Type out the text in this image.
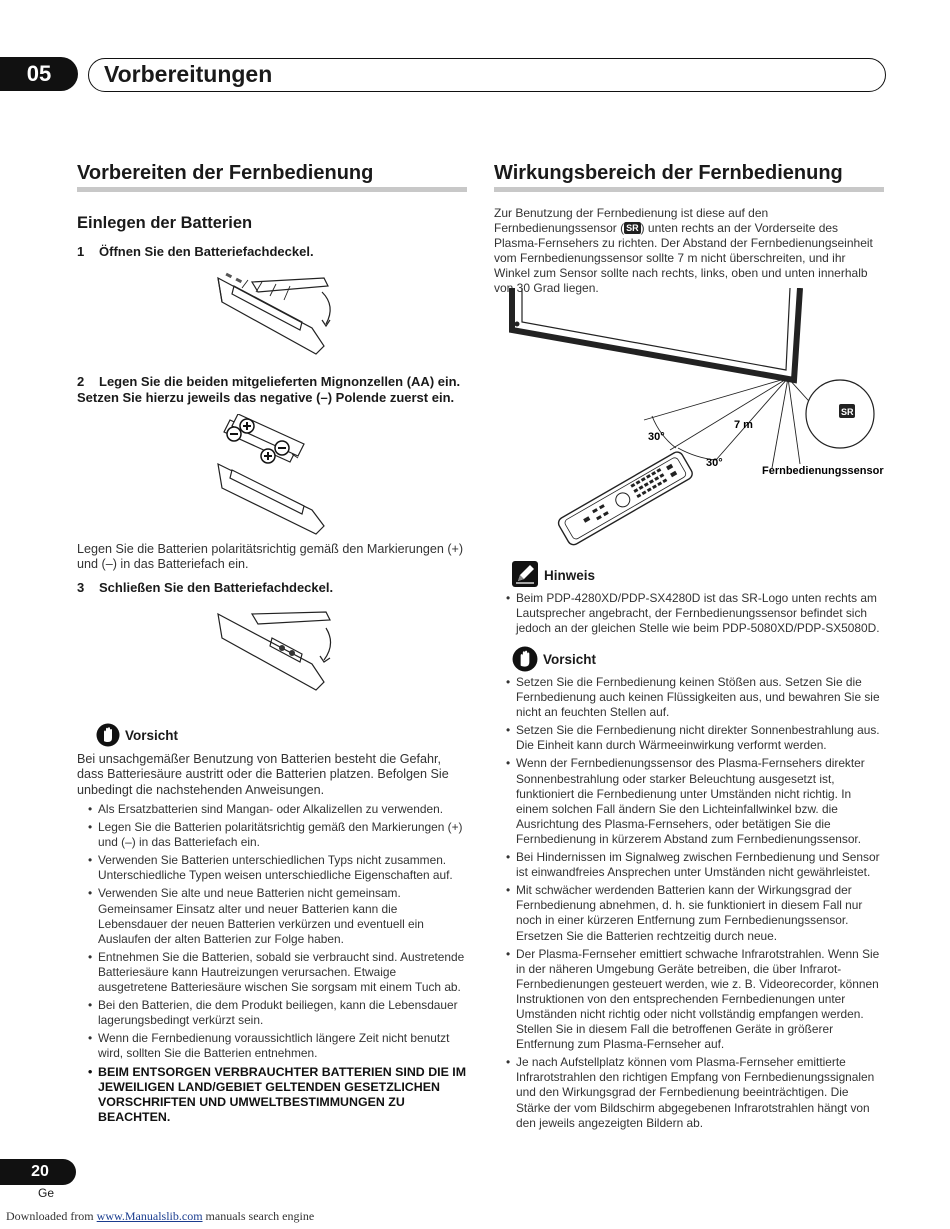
05	Vorbereitungen
Vorbereiten der Fernbedienung
Einlegen der Batterien
1 Öffnen Sie den Batteriefachdeckel.
2 Legen Sie die beiden mitgelieferten Mignonzellen (AA) ein. Setzen Sie hierzu jeweils das negative (–) Polende zuerst ein.
Legen Sie die Batterien polaritätsrichtig gemäß den Markierungen (+) und (–) in das Batteriefach ein.
3 Schließen Sie den Batteriefachdeckel.
Vorsicht
Bei unsachgemäßer Benutzung von Batterien besteht die Gefahr, dass Batteriesäure austritt oder die Batterien platzen. Befolgen Sie unbedingt die nachstehenden Anweisungen.
• Als Ersatzbatterien sind Mangan- oder Alkalizellen zu verwenden.
• Legen Sie die Batterien polaritätsrichtig gemäß den Markierungen (+) und (–) in das Batteriefach ein.
• Verwenden Sie Batterien unterschiedlichen Typs nicht zusammen. Unterschiedliche Typen weisen unterschiedliche Eigenschaften auf.
• Verwenden Sie alte und neue Batterien nicht gemeinsam. Gemeinsamer Einsatz alter und neuer Batterien kann die Lebensdauer der neuen Batterien verkürzen und eventuell ein Auslaufen der alten Batterien zur Folge haben.
• Entnehmen Sie die Batterien, sobald sie verbraucht sind. Austretende Batteriesäure kann Hautreizungen verursachen. Etwaige ausgetretene Batteriesäure wischen Sie sorgsam mit einem Tuch ab.
• Bei den Batterien, die dem Produkt beiliegen, kann die Lebensdauer lagerungsbedingt verkürzt sein.
• Wenn die Fernbedienung voraussichtlich längere Zeit nicht benutzt wird, sollten Sie die Batterien entnehmen.
• BEIM ENTSORGEN VERBRAUCHTER BATTERIEN SIND DIE IM JEWEILIGEN LAND/GEBIET GELTENDEN GESETZLICHEN VORSCHRIFTEN UND UMWELTBESTIMMUNGEN ZU BEACHTEN.
Wirkungsbereich der Fernbedienung
Zur Benutzung der Fernbedienung ist diese auf den Fernbedienungssensor ( SR ) unten rechts an der Vorderseite des Plasma-Fernsehers zu richten. Der Abstand der Fernbedienungseinheit vom Fernbedienungssensor sollte 7 m nicht überschreiten, und ihr Winkel zum Sensor sollte nach rechts, links, oben und unten innerhalb von 30 Grad liegen.
Pioneer
SR
7 m
30°
30°
Fernbedienungssensor
Hinweis
• Beim PDP-4280XD/PDP-SX4280D ist das SR-Logo unten rechts am Lautsprecher angebracht, der Fernbedienungssensor befindet sich jedoch an der gleichen Stelle wie beim PDP-5080XD/PDP-SX5080D.
Vorsicht
• Setzen Sie die Fernbedienung keinen Stößen aus. Setzen Sie die Fernbedienung auch keinen Flüssigkeiten aus, und bewahren Sie sie nicht an feuchten Stellen auf.
• Setzen Sie die Fernbedienung nicht direkter Sonnenbestrahlung aus. Die Einheit kann durch Wärmeeinwirkung verformt werden.
• Wenn der Fernbedienungssensor des Plasma-Fernsehers direkter Sonnenbestrahlung oder starker Beleuchtung ausgesetzt ist, funktioniert die Fernbedienung unter Umständen nicht richtig. In einem solchen Fall ändern Sie den Lichteinfallwinkel bzw. die Ausrichtung des Plasma-Fernsehers, oder betätigen Sie die Fernbedienung in kürzerem Abstand zum Fernbedienungssensor.
• Bei Hindernissen im Signalweg zwischen Fernbedienung und Sensor ist einwandfreies Ansprechen unter Umständen nicht gewährleistet.
• Mit schwächer werdenden Batterien kann der Wirkungsgrad der Fernbedienung abnehmen, d. h. sie funktioniert in diesem Fall nur noch in einer kürzeren Entfernung zum Fernbedienungssensor. Ersetzen Sie die Batterien rechtzeitig durch neue.
• Der Plasma-Fernseher emittiert schwache Infrarotstrahlen. Wenn Sie in der näheren Umgebung Geräte betreiben, die über Infrarot-Fernbedienungen gesteuert werden, wie z. B. Videorecorder, können Instruktionen von den entsprechenden Fernbedienungen unter Umständen nicht richtig oder nicht vollständig empfangen werden. Stellen Sie in diesem Fall die betroffenen Geräte in größerer Entfernung zum Plasma-Fernseher auf.
• Je nach Aufstellplatz können vom Plasma-Fernseher emittierte Infrarotstrahlen den richtigen Empfang von Fernbedienungssignalen und den Wirkungsgrad der Fernbedienung beeinträchtigen. Die Stärke der vom Bildschirm abgegebenen Infrarotstrahlen hängt von den jeweils angezeigten Bildern ab.
20
Ge
Downloaded from www.Manualslib.com manuals search engine
